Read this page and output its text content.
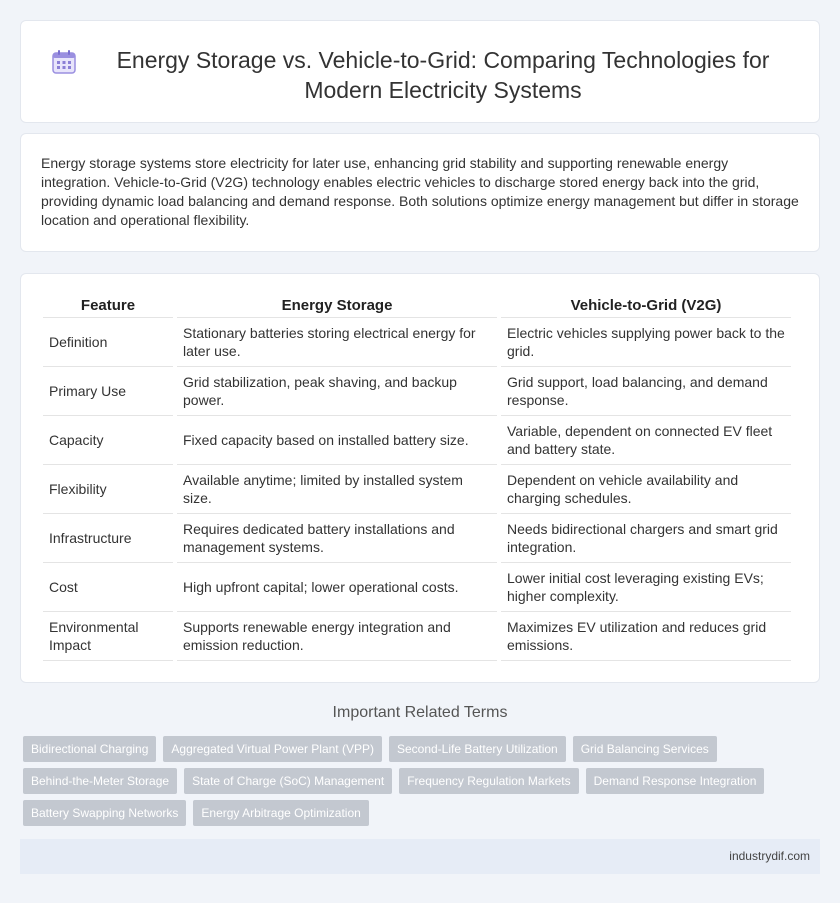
Energy Storage vs. Vehicle-to-Grid: Comparing Technologies for Modern Electricity Systems

Energy storage systems store electricity for later use, enhancing grid stability and supporting renewable energy integration. Vehicle-to-Grid (V2G) technology enables electric vehicles to discharge stored energy back into the grid, providing dynamic load balancing and demand response. Both solutions optimize energy management but differ in storage location and operational flexibility.

Feature	Energy Storage	Vehicle-to-Grid (V2G)
Definition	Stationary batteries storing electrical energy for later use.	Electric vehicles supplying power back to the grid.
Primary Use	Grid stabilization, peak shaving, and backup power.	Grid support, load balancing, and demand response.
Capacity	Fixed capacity based on installed battery size.	Variable, dependent on connected EV fleet and battery state.
Flexibility	Available anytime; limited by installed system size.	Dependent on vehicle availability and charging schedules.
Infrastructure	Requires dedicated battery installations and management systems.	Needs bidirectional chargers and smart grid integration.
Cost	High upfront capital; lower operational costs.	Lower initial cost leveraging existing EVs; higher complexity.
Environmental Impact	Supports renewable energy integration and emission reduction.	Maximizes EV utilization and reduces grid emissions.
Important Related Terms
Bidirectional Charging	Aggregated Virtual Power Plant (VPP)	Second-Life Battery Utilization	Grid Balancing Services
Behind-the-Meter Storage	State of Charge (SoC) Management	Frequency Regulation Markets	Demand Response Integration
Battery Swapping Networks	Energy Arbitrage Optimization
industrydif.com
